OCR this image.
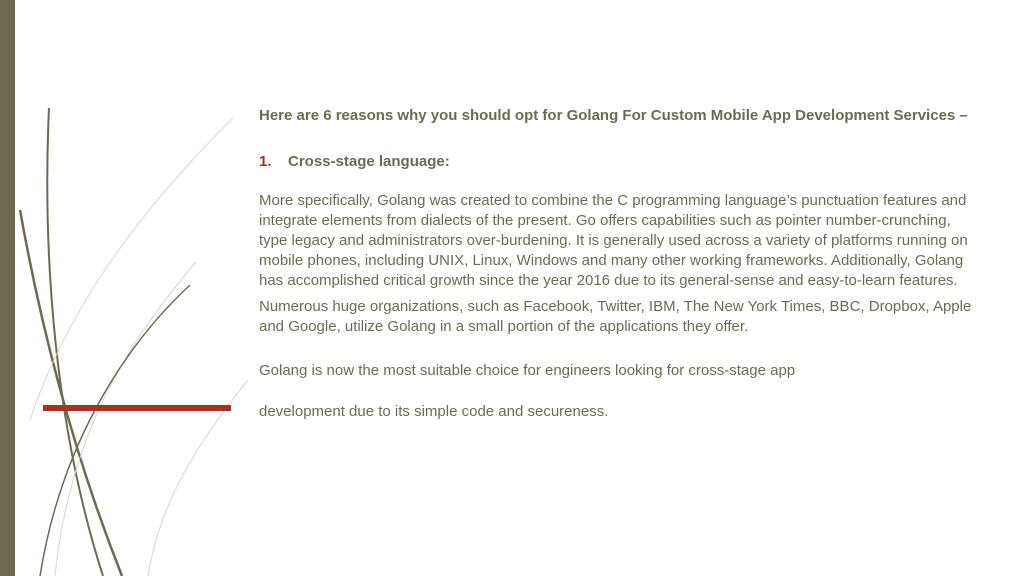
Here are 6 reasons why you should opt for Golang For Custom Mobile App Development Services –

1.	Cross-stage language:

More specifically, Golang was created to combine the C programming language’s punctuation features and integrate elements from dialects of the present. Go offers capabilities such as pointer number-crunching, type legacy and administrators over-burdening. It is generally used across a variety of platforms running on mobile phones, including UNIX, Linux, Windows and many other working frameworks. Additionally, Golang has accomplished critical growth since the year 2016 due to its general-sense and easy-to-learn features.

Numerous huge organizations, such as Facebook, Twitter, IBM, The New York Times, BBC, Dropbox, Apple and Google, utilize Golang in a small portion of the applications they offer.

Golang is now the most suitable choice for engineers looking for cross-stage app

development due to its simple code and secureness.
